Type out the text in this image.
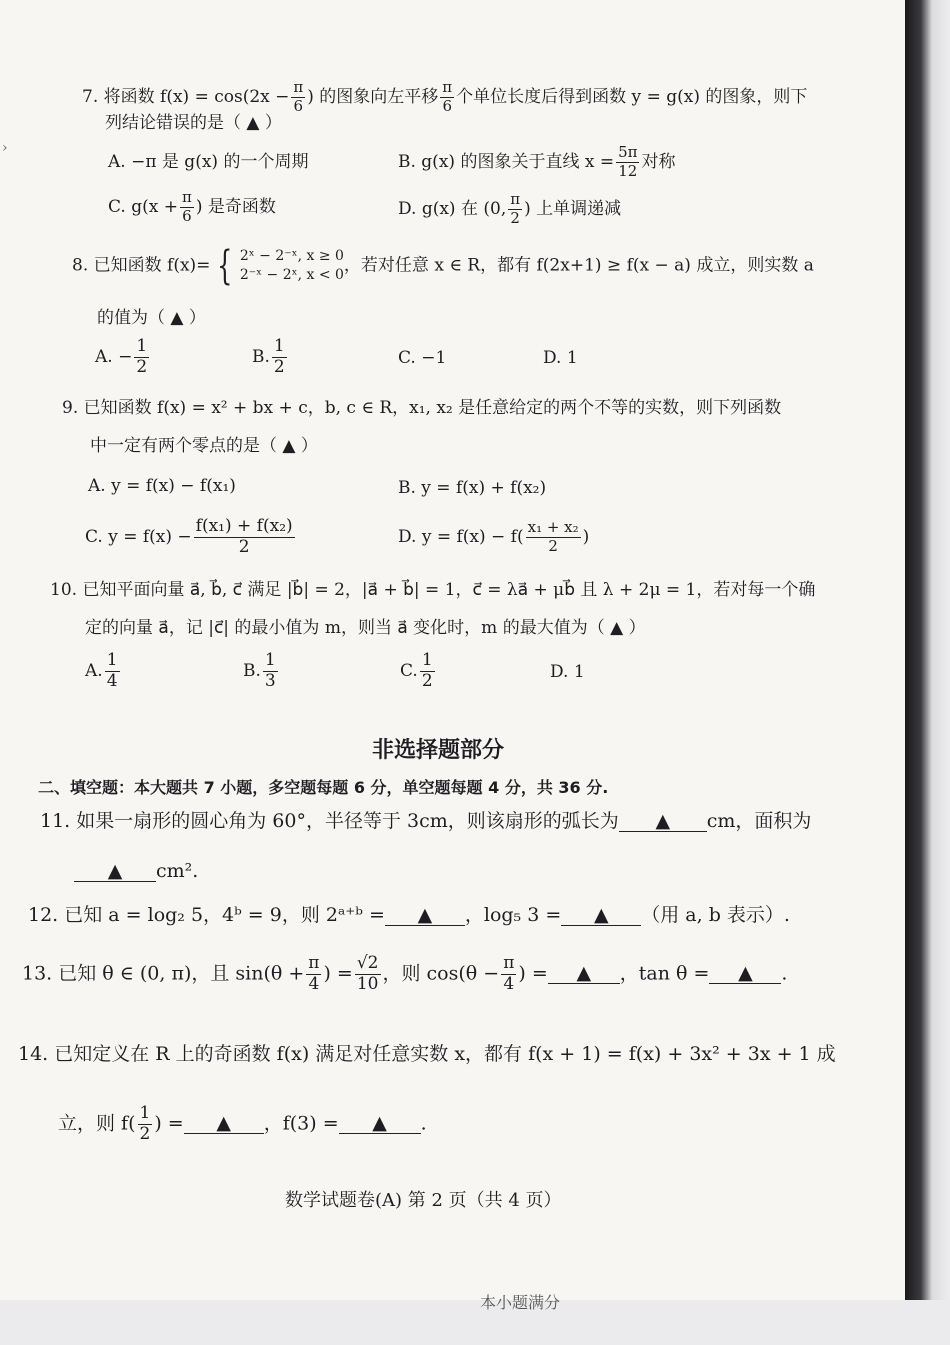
›
7. 将函数 $f(x) = \cos(2x - \frac{\pi}{6}$ ) 的图象向左平移 $\frac{\pi}{6}$ 个单位长度后得到函数 y = g(x) 的图象，则下
列结论错误的是（ ▲ ）
A. −π 是 g(x) 的一个周期	B. g(x) 的图象关于直线 $x = \frac{5\pi}{12}$ 对称
C. $g(x + \frac{\pi}{6}$ ) 是奇函数	D. g(x) 在 (0, $\frac{\pi}{2}$ ) 上单调递减
8. 已知函数 f(x)= { 2ˣ − 2⁻ˣ, x ≥ 0
2⁻ˣ − 2ˣ, x < 0 ，若对任意 x ∈ R，都有 f(2x+1) ≥ f(x − a) 成立，则实数 a
的值为（ ▲ ）
A. − $\frac{1}{2}$	B. $\frac{1}{2}$	C. −1	D. 1
9. 已知函数 f(x) = x² + bx + c，b, c ∈ R，x₁, x₂ 是任意给定的两个不等的实数，则下列函数
中一定有两个零点的是（ ▲ ）
A. y = f(x) − f(x₁)	B. y = f(x) + f(x₂)
C. $y = f(x) - \frac{\text{f(x₁) + f(x₂)}}{2}$	D. $y = f(x) - f( \frac{\text{x₁ + x₂}}{2}$ )
10. 已知平面向量 a⃗, b⃗, c⃗ 满足 |b⃗| = 2，|a⃗ + b⃗| = 1，c⃗ = λa⃗ + μb⃗ 且 λ + 2μ = 1，若对每一个确
定的向量 a⃗，记 |c⃗| 的最小值为 m，则当 a⃗ 变化时，m 的最大值为（ ▲ ）
A. $\frac{1}{4}$	B. $\frac{1}{3}$	C. $\frac{1}{2}$	D. 1
非选择题部分
二、填空题：本大题共 7 小题，多空题每题 6 分，单空题每题 4 分，共 36 分.
11. 如果一扇形的圆心角为 60°，半径等于 3cm，则该扇形的弧长为 ▲ cm，面积为
▲ cm².
12. 已知 a = log₂ 5，4ᵇ = 9，则 2ᵃ⁺ᵇ = ▲ ，log₅ 3 = ▲ （用 a, b 表示）.
13. 已知 θ ∈ (0, π)，且 $\sin(\theta + \frac{\pi}{4}$ ) = $\frac{√2}{10}$ ，则 $\cos(\theta - \frac{\pi}{4}$ ) = ▲ ，tan θ = ▲ .
14. 已知定义在 R 上的奇函数 f(x) 满足对任意实数 x，都有 f(x + 1) = f(x) + 3x² + 3x + 1 成
立，则 $f( \frac{1}{2}$ ) = ▲ ，f(3) = ▲ .
数学试题卷(A) 第 2 页（共 4 页）
本小题满分
